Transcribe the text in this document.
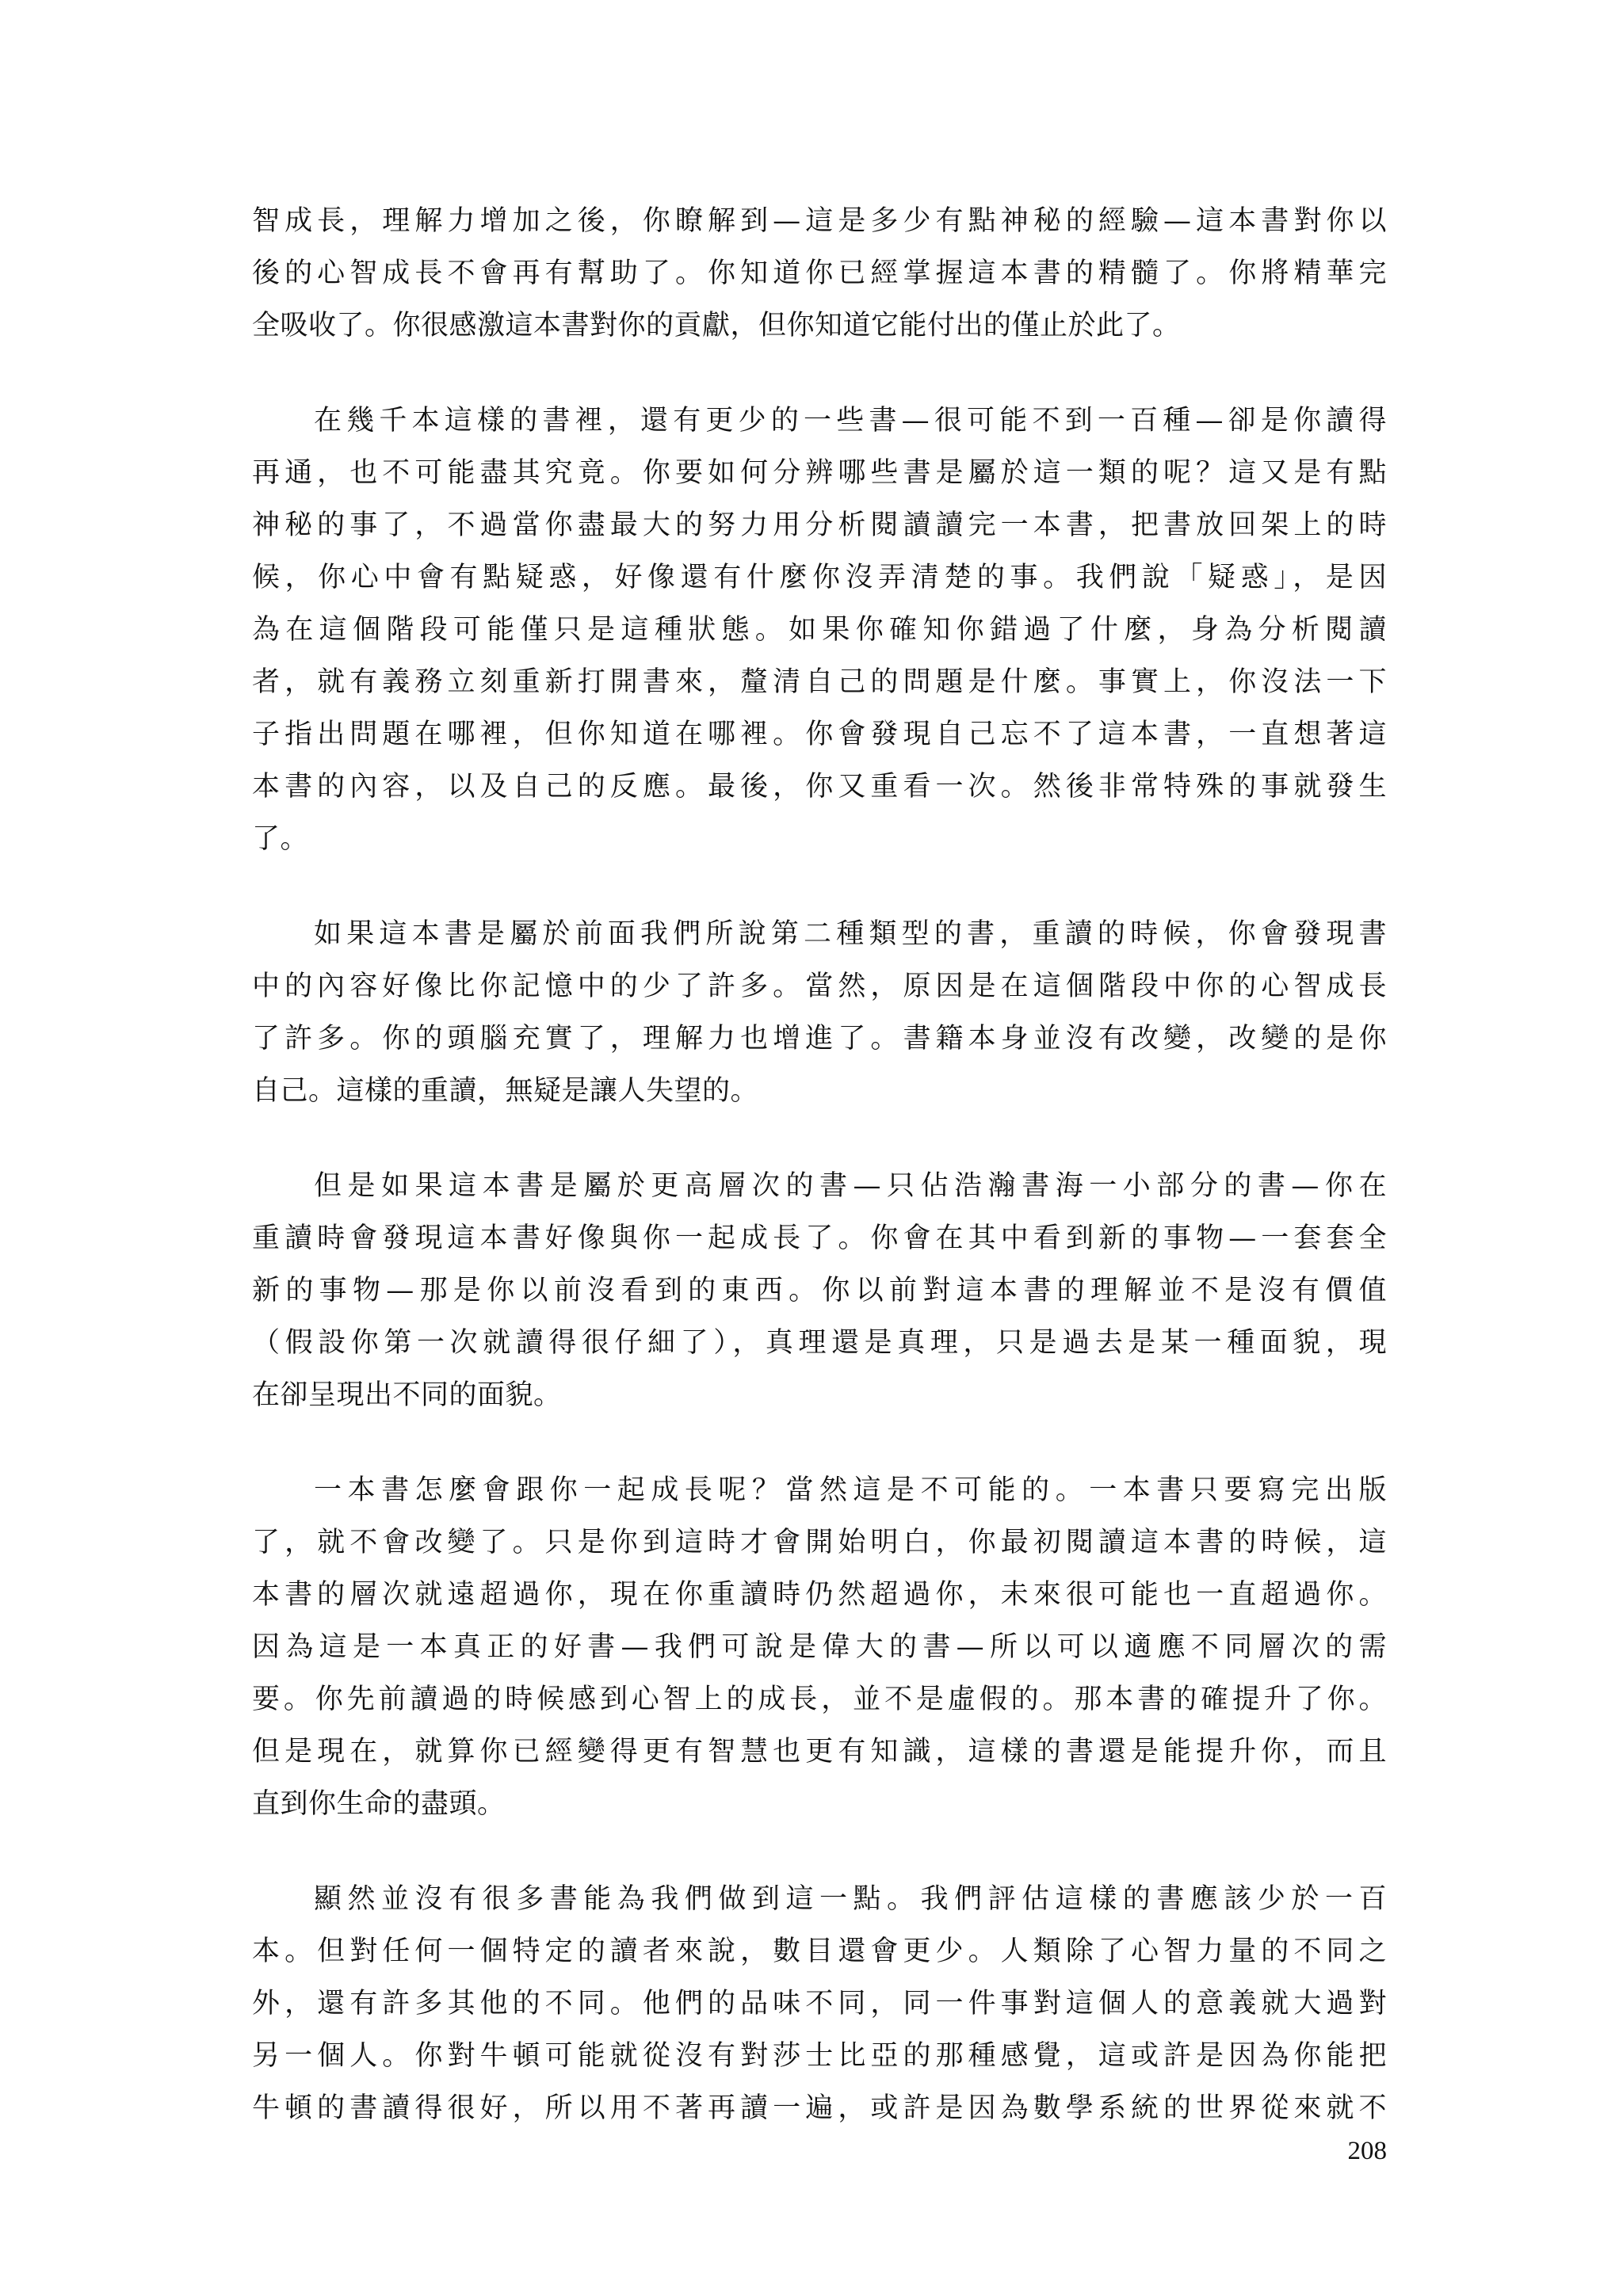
智成長，理解力增加之後，你瞭解到—這是多少有點神秘的經驗—這本書對你以
後的心智成長不會再有幫助了。你知道你已經掌握這本書的精髓了。你將精華完
全吸收了。你很感激這本書對你的貢獻，但你知道它能付出的僅止於此了。
在幾千本這樣的書裡，還有更少的一些書—很可能不到一百種—卻是你讀得
再通，也不可能盡其究竟。你要如何分辨哪些書是屬於這一類的呢？這又是有點
神秘的事了，不過當你盡最大的努力用分析閱讀讀完一本書，把書放回架上的時
候，你心中會有點疑惑，好像還有什麼你沒弄清楚的事。我們說「疑惑」，是因
為在這個階段可能僅只是這種狀態。如果你確知你錯過了什麼，身為分析閱讀
者，就有義務立刻重新打開書來，釐清自己的問題是什麼。事實上，你沒法一下
子指出問題在哪裡，但你知道在哪裡。你會發現自己忘不了這本書，一直想著這
本書的內容，以及自己的反應。最後，你又重看一次。然後非常特殊的事就發生
了。
如果這本書是屬於前面我們所說第二種類型的書，重讀的時候，你會發現書
中的內容好像比你記憶中的少了許多。當然，原因是在這個階段中你的心智成長
了許多。你的頭腦充實了，理解力也增進了。書籍本身並沒有改變，改變的是你
自己。這樣的重讀，無疑是讓人失望的。
但是如果這本書是屬於更高層次的書—只佔浩瀚書海一小部分的書—你在
重讀時會發現這本書好像與你一起成長了。你會在其中看到新的事物—一套套全
新的事物—那是你以前沒看到的東西。你以前對這本書的理解並不是沒有價值
（假設你第一次就讀得很仔細了），真理還是真理，只是過去是某一種面貌，現
在卻呈現出不同的面貌。
一本書怎麼會跟你一起成長呢？當然這是不可能的。一本書只要寫完出版
了，就不會改變了。只是你到這時才會開始明白，你最初閱讀這本書的時候，這
本書的層次就遠超過你，現在你重讀時仍然超過你，未來很可能也一直超過你。
因為這是一本真正的好書—我們可說是偉大的書—所以可以適應不同層次的需
要。你先前讀過的時候感到心智上的成長，並不是虛假的。那本書的確提升了你。
但是現在，就算你已經變得更有智慧也更有知識，這樣的書還是能提升你，而且
直到你生命的盡頭。
顯然並沒有很多書能為我們做到這一點。我們評估這樣的書應該少於一百
本。但對任何一個特定的讀者來說，數目還會更少。人類除了心智力量的不同之
外，還有許多其他的不同。他們的品味不同，同一件事對這個人的意義就大過對
另一個人。你對牛頓可能就從沒有對莎士比亞的那種感覺，這或許是因為你能把
牛頓的書讀得很好，所以用不著再讀一遍，或許是因為數學系統的世界從來就不
208
